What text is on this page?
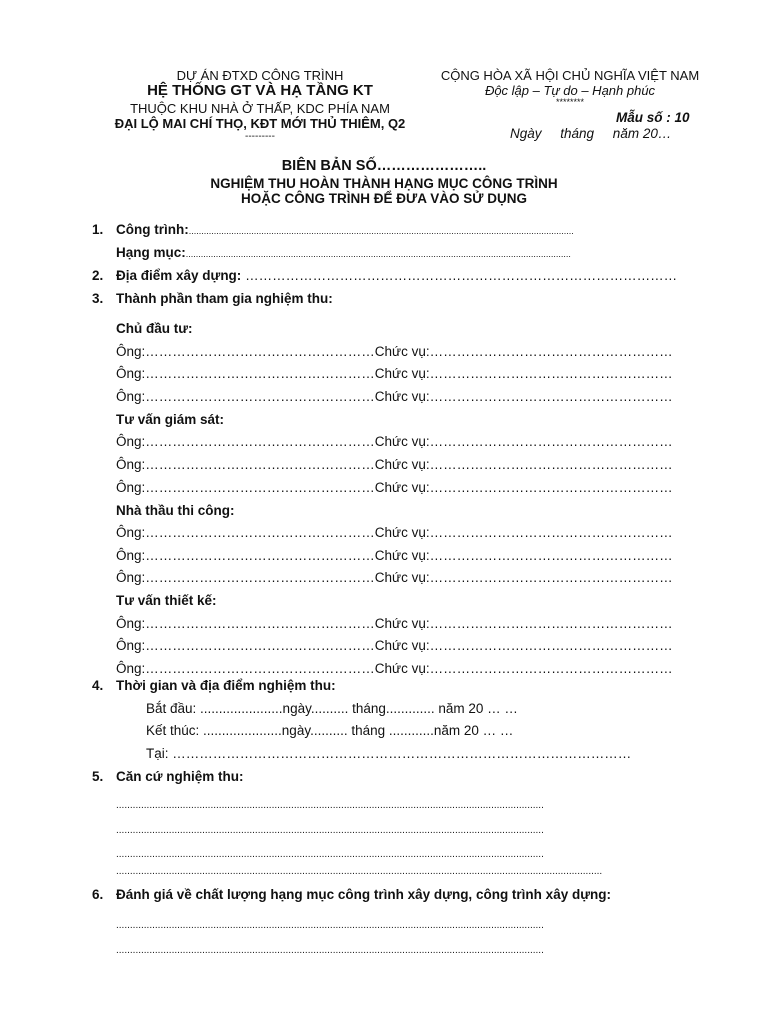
DỰ ÁN ĐTXD CÔNG TRÌNH
HỆ THỐNG GT VÀ HẠ TẦNG KT
THUỘC KHU NHÀ Ở THẤP, KDC PHÍA NAM
ĐẠI LỘ MAI CHÍ THỌ, KĐT MỚI THỦ THIÊM, Q2
---------
CỘNG HÒA XÃ HỘI CHỦ NGHĨA VIỆT NAM
Độc lập – Tự do – Hạnh phúc
********
Mẫu số : 10
Ngày     tháng     năm 20…
BIÊN BẢN SỐ…………………..
NGHIỆM THU HOÀN THÀNH HẠNG MỤC CÔNG TRÌNH
HOẶC CÔNG TRÌNH ĐỂ ĐƯA VÀO SỬ DỤNG
1. Công trình:..........................................................................................................................................................
Hạng mục:..........................................................................................................................................................
2. Địa điểm xây dựng: ……………………………………………………………………………………
3. Thành phần tham gia nghiệm thu:
Chủ đầu tư:
Ông:……………………………………………Chức vụ:………………………………………………
Ông:……………………………………………Chức vụ:………………………………………………
Ông:……………………………………………Chức vụ:………………………………………………
Tư vấn giám sát:
Ông:……………………………………………Chức vụ:………………………………………………
Ông:……………………………………………Chức vụ:………………………………………………
Ông:……………………………………………Chức vụ:………………………………………………
Nhà thầu thi công:
Ông:……………………………………………Chức vụ:………………………………………………
Ông:……………………………………………Chức vụ:………………………………………………
Ông:……………………………………………Chức vụ:………………………………………………
Tư vấn thiết kế:
Ông:……………………………………………Chức vụ:………………………………………………
Ông:……………………………………………Chức vụ:………………………………………………
Ông:……………………………………………Chức vụ:………………………………………………
4. Thời gian và địa điểm nghiệm thu:
Bắt đầu: ......................ngày.......... tháng............. năm 20 … …
Kết thúc: .....................ngày.......... tháng ............năm 20 … …
Tại: …………………………………………………………………………………………
5. Căn cứ nghiệm thu:
..........................................................................................................................................................
..........................................................................................................................................................
..........................................................................................................................................................
...............................................................................................................................................................................
6. Đánh giá về chất lượng hạng mục công trình xây dựng, công trình xây dựng:
..........................................................................................................................................................
..........................................................................................................................................................
